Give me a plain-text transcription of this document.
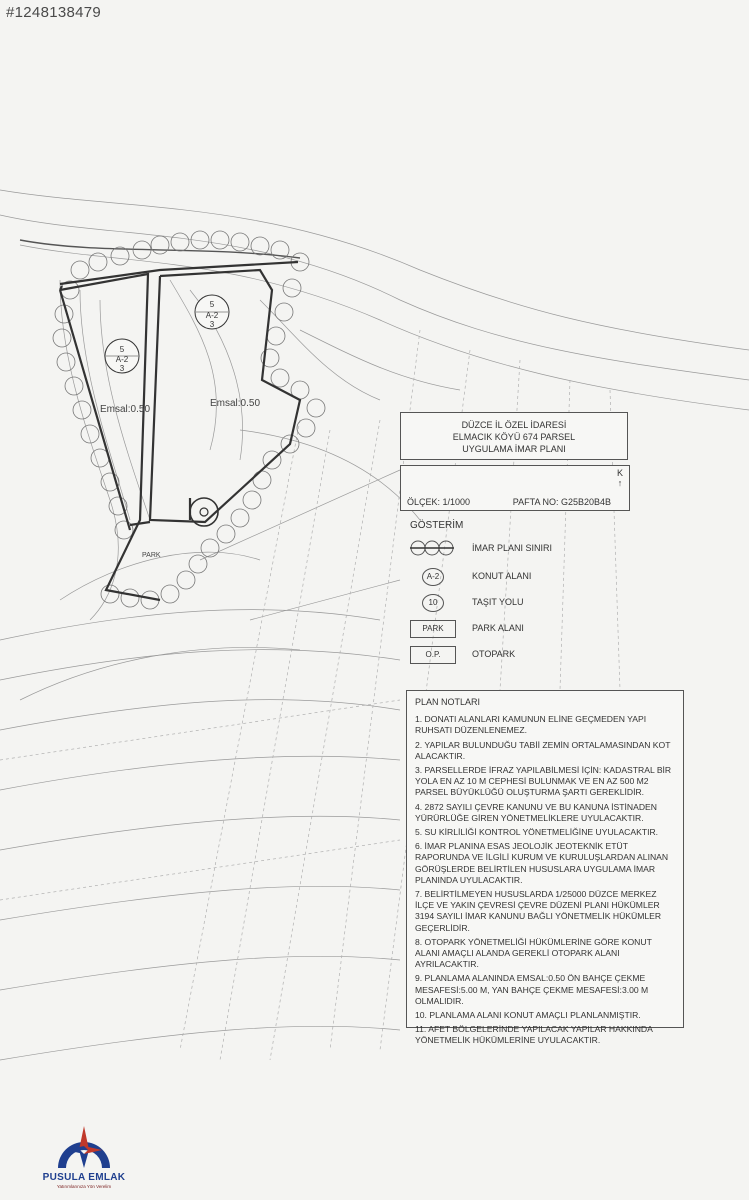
#1248138479
5
A-2
3
5
A-2
3
Emsal:0.50
Emsal:0.50
PARK
DÜZCE İL ÖZEL İDARESİ
ELMACIK KÖYÜ 674 PARSEL
UYGULAMA İMAR PLANI
ÖLÇEK: 1/1000	PAFTA NO: G25B20B4B
K
↑
GÖSTERİM
İMAR PLANI SINIRI
A-2	KONUT ALANI
10	TAŞIT YOLU
PARK	PARK ALANI
O.P.	OTOPARK
PLAN NOTLARI
1. DONATI ALANLARI KAMUNUN ELİNE GEÇMEDEN YAPI RUHSATI DÜZENLENEMEZ.
2. YAPILAR BULUNDUĞU TABİİ ZEMİN ORTALAMASINDAN KOT ALACAKTIR.
3. PARSELLERDE İFRAZ YAPILABİLMESİ İÇİN: KADASTRAL BİR YOLA EN AZ 10 M CEPHESİ BULUNMAK VE EN AZ 500 M2 PARSEL BÜYÜKLÜĞÜ OLUŞTURMA ŞARTI GEREKLİDİR.
4. 2872 SAYILI ÇEVRE KANUNU VE BU KANUNA İSTİNADEN YÜRÜRLÜĞE GİREN YÖNETMELİKLERE UYULACAKTIR.
5. SU KİRLİLİĞİ KONTROL YÖNETMELİĞİNE UYULACAKTIR.
6. İMAR PLANINA ESAS JEOLOJİK JEOTEKNİK ETÜT RAPORUNDA VE İLGİLİ KURUM VE KURULUŞLARDAN ALINAN GÖRÜŞLERDE BELİRTİLEN HUSUSLARA UYGULAMA İMAR PLANINDA UYULACAKTIR.
7. BELİRTİLMEYEN HUSUSLARDA 1/25000 DÜZCE MERKEZ İLÇE VE YAKIN ÇEVRESİ ÇEVRE DÜZENİ PLANI HÜKÜMLER 3194 SAYILI İMAR KANUNU BAĞLI YÖNETMELİK HÜKÜMLER GEÇERLİDİR.
8. OTOPARK YÖNETMELİĞİ HÜKÜMLERİNE GÖRE KONUT ALANI AMAÇLI ALANDA GEREKLİ OTOPARK ALANI AYRILACAKTIR.
9. PLANLAMA ALANINDA EMSAL:0.50 ÖN BAHÇE ÇEKME MESAFESİ:5.00 M, YAN BAHÇE ÇEKME MESAFESİ:3.00 M OLMALIDIR.
10. PLANLAMA ALANI KONUT AMAÇLI PLANLANMIŞTIR.
11. AFET BÖLGELERİNDE YAPILACAK YAPILAR HAKKINDA YÖNETMELİK HÜKÜMLERİNE UYULACAKTIR.
PUSULA EMLAK
Yatırımlarınıza Yön Verelim
